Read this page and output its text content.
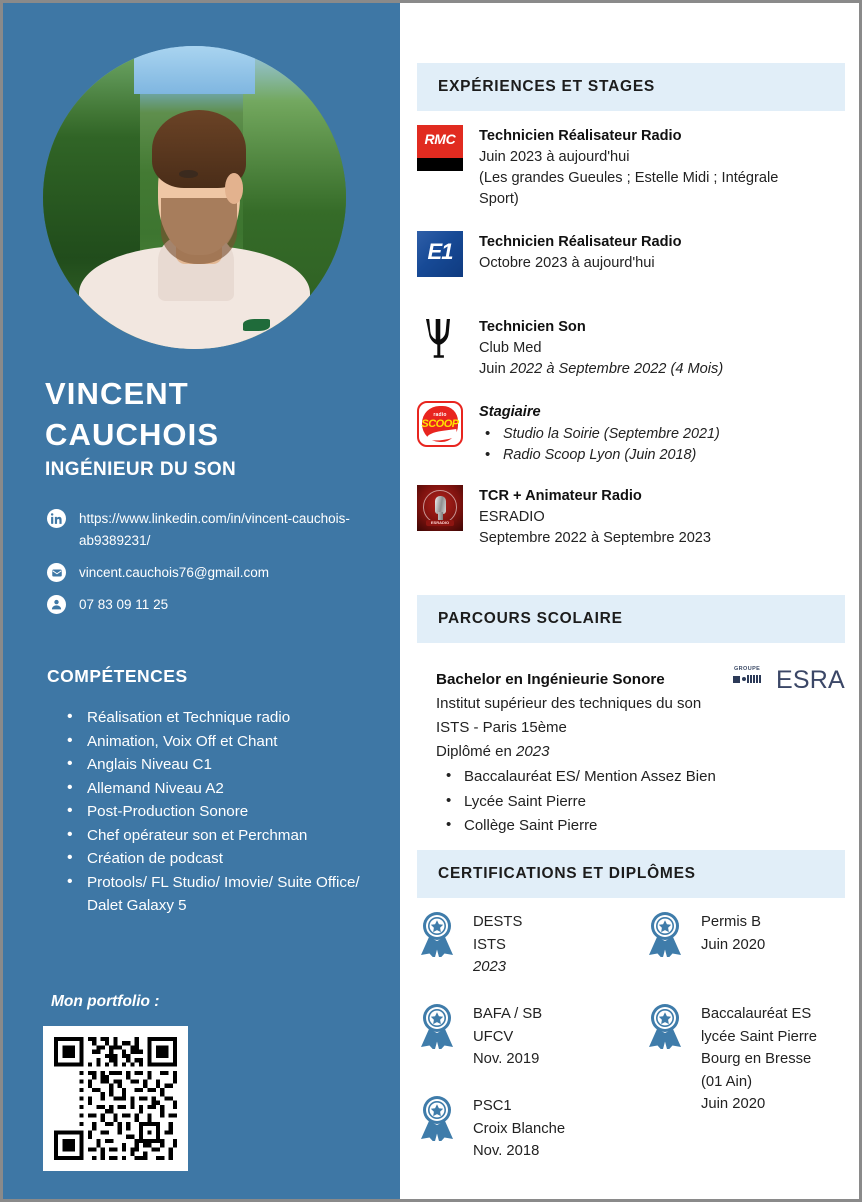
VINCENT
CAUCHOIS
INGÉNIEUR DU SON
https://www.linkedin.com/in/vincent-cauchois-ab9389231/
vincent.cauchois76@gmail.com
07 83 09 11 25
COMPÉTENCES
• Réalisation et Technique radio
• Animation, Voix Off et Chant
• Anglais Niveau C1
• Allemand Niveau A2
• Post-Production Sonore
• Chef opérateur son et Perchman
• Création de podcast
• Protools/ FL Studio/ Imovie/ Suite Office/ Dalet Galaxy 5
Mon portfolio :
EXPÉRIENCES ET STAGES
RMC	Technicien Réalisateur Radio
Juin 2023 à aujourd'hui
(Les grandes Gueules ; Estelle Midi ; Intégrale
Sport)
E1	Technicien Réalisateur Radio
Octobre 2023 à aujourd'hui
Technicien Son
Club Med
Juin 2022 à Septembre 2022 (4 Mois)
radio
SCOOP
Stagiaire
• Studio la Soirie (Septembre 2021)
• Radio Scoop Lyon (Juin 2018)
ESRADIO
TCR + Animateur Radio
ESRADIO
Septembre 2022 à Septembre 2023
PARCOURS SCOLAIRE
GROUPE ESRA
Bachelor en Ingénieurie Sonore
Institut supérieur des techniques du son
ISTS - Paris 15ème
Diplômé en 2023
• Baccalauréat ES/ Mention Assez Bien
• Lycée Saint Pierre
• Collège Saint Pierre
CERTIFICATIONS ET DIPLÔMES
DESTS
ISTS
2023
BAFA / SB
UFCV
Nov. 2019
PSC1
Croix Blanche
Nov. 2018
Permis B
Juin 2020
Baccalauréat ES
lycée Saint Pierre
Bourg en Bresse
(01 Ain)
Juin 2020
